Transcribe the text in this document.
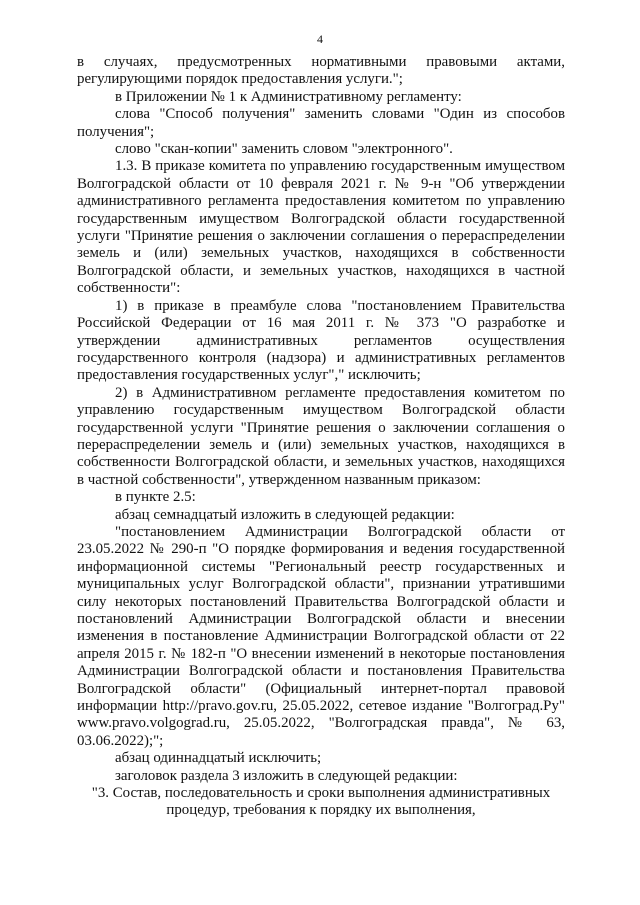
4

в случаях, предусмотренных нормативными правовыми актами, регулирующими порядок предоставления услуги.";

в Приложении № 1 к Административному регламенту:

слова "Способ получения" заменить словами "Один из способов получения";

слово "скан-копии" заменить словом "электронного".

1.3. В приказе комитета по управлению государственным имуществом Волгоградской области от 10 февраля 2021 г. № 9-н "Об утверждении административного регламента предоставления комитетом по управлению государственным имуществом Волгоградской области государственной услуги "Принятие решения о заключении соглашения о перераспределении земель и (или) земельных участков, находящихся в собственности Волгоградской области, и земельных участков, находящихся в частной собственности":

1) в приказе в преамбуле слова "постановлением Правительства Российской Федерации от 16 мая 2011 г. № 373 "О разработке и утверждении административных регламентов осуществления государственного контроля (надзора) и административных регламентов предоставления государственных услуг"," исключить;

2) в Административном регламенте предоставления комитетом по управлению государственным имуществом Волгоградской области государственной услуги "Принятие решения о заключении соглашения о перераспределении земель и (или) земельных участков, находящихся в собственности Волгоградской области, и земельных участков, находящихся в частной собственности", утвержденном названным приказом:

в пункте 2.5:

абзац семнадцатый изложить в следующей редакции:

"постановлением Администрации Волгоградской области от 23.05.2022 № 290-п "О порядке формирования и ведения государственной информационной системы "Региональный реестр государственных и муниципальных услуг Волгоградской области", признании утратившими силу некоторых постановлений Правительства Волгоградской области и постановлений Администрации Волгоградской области и внесении изменения в постановление Администрации Волгоградской области от 22 апреля 2015 г. № 182-п "О внесении изменений в некоторые постановления Администрации Волгоградской области и постановления Правительства Волгоградской области" (Официальный интернет-портал правовой информации http://pravo.gov.ru, 25.05.2022, сетевое издание "Волгоград.Ру" www.pravo.volgograd.ru, 25.05.2022, "Волгоградская правда", № 63, 03.06.2022);";

абзац одиннадцатый исключить;

заголовок раздела 3 изложить в следующей редакции:

"3. Состав, последовательность и сроки выполнения административных процедур, требования к порядку их выполнения,
